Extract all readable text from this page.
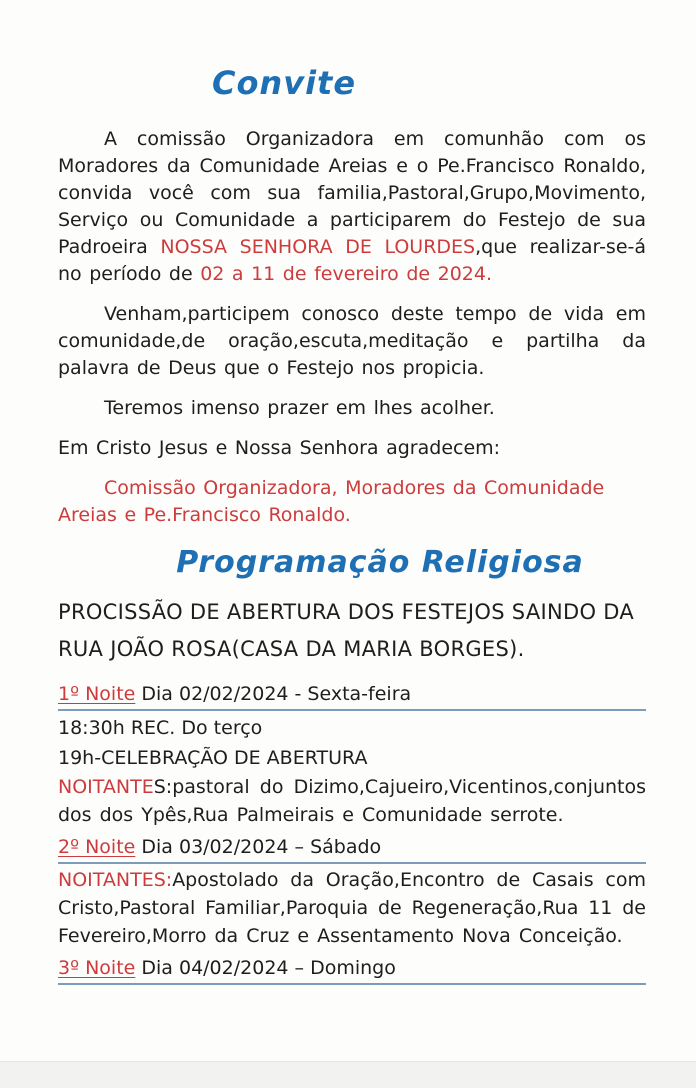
Convite

A comissão Organizadora em comunhão com os Moradores da Comunidade Areias e o Pe.Francisco Ronaldo, convida você com sua familia,Pastoral,Grupo,Movimento, Serviço ou Comunidade a participarem do Festejo de sua Padroeira NOSSA SENHORA DE LOURDES,que realizar-se-á no período de 02 a 11 de fevereiro de 2024.

Venham,participem conosco deste tempo de vida em comunidade,de oração,escuta,meditação e partilha da palavra de Deus que o Festejo nos propicia.

Teremos imenso prazer em lhes acolher.

Em Cristo Jesus e Nossa Senhora agradecem:

Comissão Organizadora, Moradores da Comunidade Areias e Pe.Francisco Ronaldo.

Programação Religiosa

PROCISSÃO DE ABERTURA DOS FESTEJOS SAINDO DA RUA JOÃO ROSA(CASA DA MARIA BORGES).

1º Noite Dia 02/02/2024 - Sexta-feira

18:30h REC. Do terço

19h-CELEBRAÇÃO DE ABERTURA

NOITANTES:pastoral do Dizimo,Cajueiro,Vicentinos,conjuntos dos dos Ypês,Rua Palmeirais e Comunidade serrote.

2º Noite Dia 03/02/2024 – Sábado

NOITANTES:Apostolado da Oração,Encontro de Casais com Cristo,Pastoral Familiar,Paroquia de Regeneração,Rua 11 de Fevereiro,Morro da Cruz e Assentamento Nova Conceição.

3º Noite Dia 04/02/2024 – Domingo
